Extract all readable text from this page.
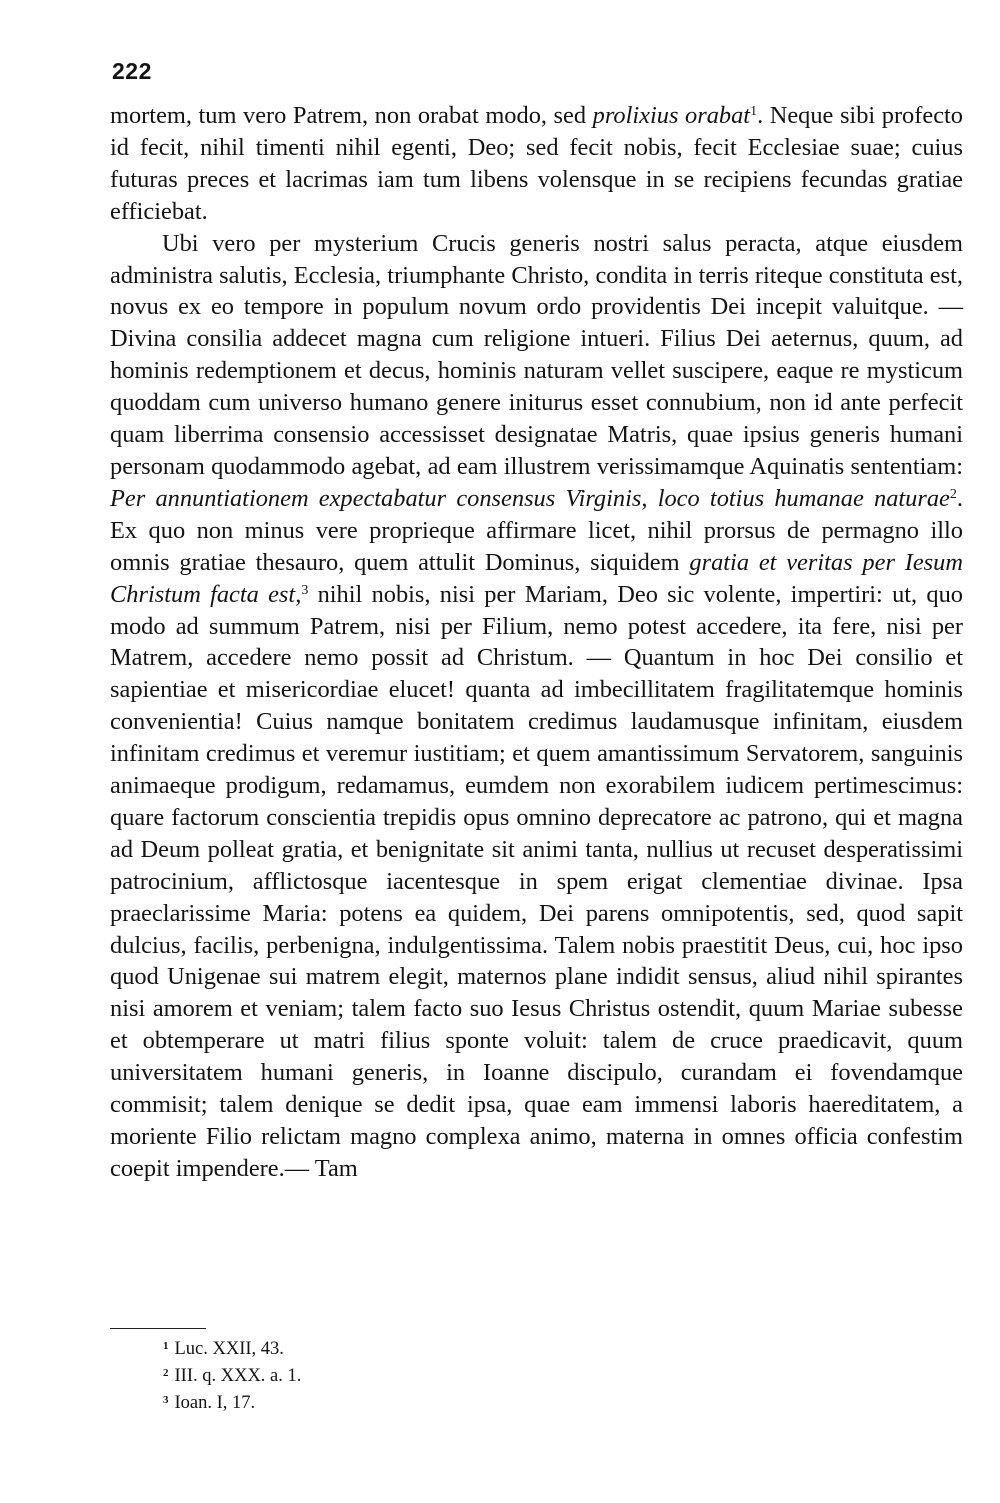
222

mortem, tum vero Patrem, non orabat modo, sed prolixius orabat$^1$. Neque sibi profecto id fecit, nihil timenti nihil egenti, Deo; sed fecit nobis, fecit Ecclesiae suae; cuius futuras preces et lacrimas iam tum libens volensque in se recipiens fecundas gratiae efficiebat.

Ubi vero per mysterium Crucis generis nostri salus peracta, atque eiusdem administra salutis, Ecclesia, triumphante Christo, condita in terris riteque constituta est, novus ex eo tempore in populum novum ordo providentis Dei incepit valuitque. — Divina consilia addecet magna cum religione intueri. Filius Dei aeternus, quum, ad hominis redemptionem et decus, hominis naturam vellet suscipere, eaque re mysticum quoddam cum universo humano genere initurus esset connubium, non id ante perfecit quam liberrima consensio accessisset designatae Matris, quae ipsius generis humani personam quodammodo agebat, ad eam illustrem verissimamque Aquinatis sententiam: Per annuntiationem expectabatur consensus Virginis, loco totius humanae naturae$^2$. Ex quo non minus vere proprieque affirmare licet, nihil prorsus de permagno illo omnis gratiae thesauro, quem attulit Dominus, siquidem gratia et veritas per Iesum Christum facta est,$^3$ nihil nobis, nisi per Mariam, Deo sic volente, impertiri: ut, quo modo ad summum Patrem, nisi per Filium, nemo potest accedere, ita fere, nisi per Matrem, accedere nemo possit ad Christum. — Quantum in hoc Dei consilio et sapientiae et misericordiae elucet! quanta ad imbecillitatem fragilitatemque hominis convenientia! Cuius namque bonitatem credimus laudamusque infinitam, eiusdem infinitam credimus et veremur iustitiam; et quem amantissimum Servatorem, sanguinis animaeque prodigum, redamamus, eumdem non exorabilem iudicem pertimescimus: quare factorum conscientia trepidis opus omnino deprecatore ac patrono, qui et magna ad Deum polleat gratia, et benignitate sit animi tanta, nullius ut recuset desperatissimi patrocinium, afflictosque iacentesque in spem erigat clementiae divinae. Ipsa praeclarissime Maria: potens ea quidem, Dei parens omnipotentis, sed, quod sapit dulcius, facilis, perbenigna, indulgentissima. Talem nobis praestitit Deus, cui, hoc ipso quod Unigenae sui matrem elegit, maternos plane indidit sensus, aliud nihil spirantes nisi amorem et veniam; talem facto suo Iesus Christus ostendit, quum Mariae subesse et obtemperare ut matri filius sponte voluit: talem de cruce praedicavit, quum universitatem humani generis, in Ioanne discipulo, curandam ei fovendamque commisit; talem denique se dedit ipsa, quae eam immensi laboris haereditatem, a moriente Filio relictam magno complexa animo, materna in omnes officia confestim coepit impendere.— Tam

$^1$ Luc. XXII, 43.
$^2$ III. q. XXX. a. 1.
$^3$ Ioan. I, 17.
